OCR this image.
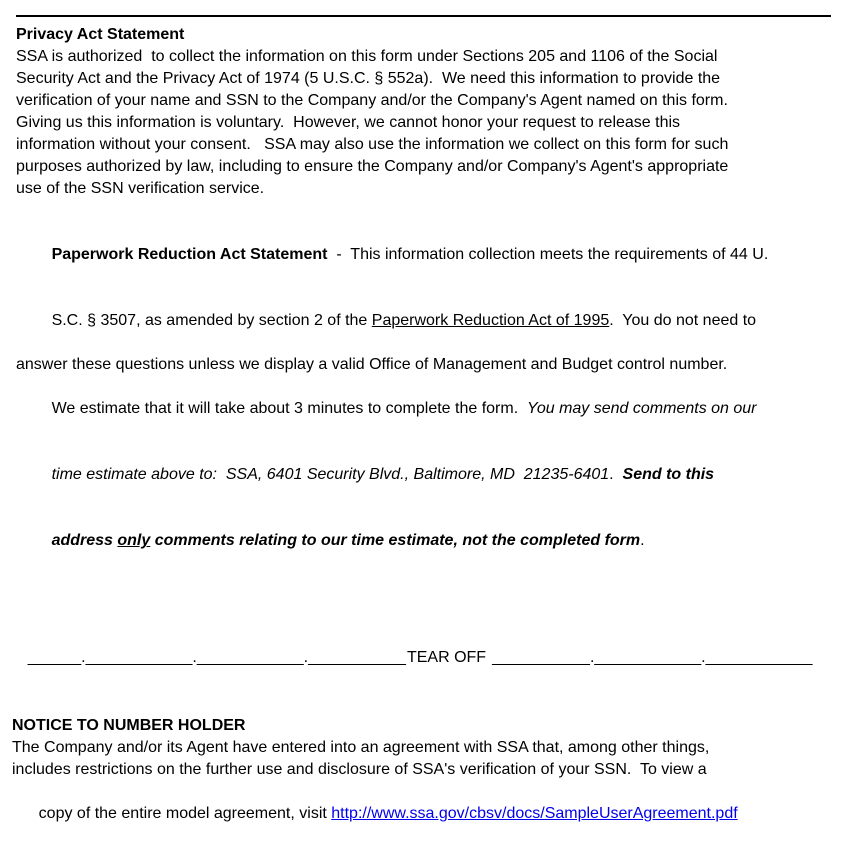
Privacy Act Statement
SSA is authorized  to collect the information on this form under Sections 205 and 1106 of the Social
Security Act and the Privacy Act of 1974 (5 U.S.C. § 552a).  We need this information to provide the
verification of your name and SSN to the Company and/or the Company's Agent named on this form.
Giving us this information is voluntary.  However, we cannot honor your request to release this
information without your consent.   SSA may also use the information we collect on this form for such
purposes authorized by law, including to ensure the Company and/or Company's Agent's appropriate
use of the SSN verification service.

Paperwork Reduction Act Statement  -  This information collection meets the requirements of 44 U.

S.C. § 3507, as amended by section 2 of the Paperwork Reduction Act of 1995.  You do not need to

answer these questions unless we display a valid Office of Management and Budget control number.

We estimate that it will take about 3 minutes to complete the form.  You may send comments on our

time estimate above to:  SSA, 6401 Security Blvd., Baltimore, MD  21235-6401.  Send to this

address only comments relating to our time estimate, not the completed form.

______.____________.____________.___________TEAR OFF ___________.____________.____________

NOTICE TO NUMBER HOLDER
The Company and/or its Agent have entered into an agreement with SSA that, among other things,
includes restrictions on the further use and disclosure of SSA's verification of your SSN.  To view a

copy of the entire model agreement, visit http://www.ssa.gov/cbsv/docs/SampleUserAgreement.pdf
